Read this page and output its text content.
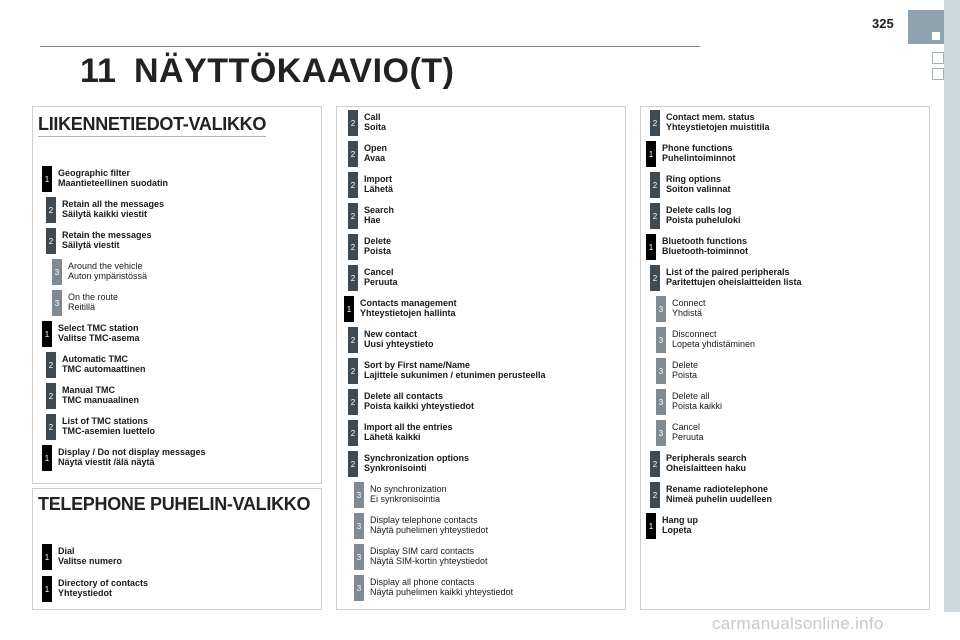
325
11 NÄYTTÖKAAVIO(T)
LIIKENNETIEDOT-VALIKKO
TELEPHONE PUHELIN-VALIKKO
1
Geographic filter
Maantieteellinen suodatin
2
Retain all the messages
Säilytä kaikki viestit
2
Retain the messages
Säilytä viestit
3
Around the vehicle
Auton ympäristössä
3
On the route
Reitillä
1
Select TMC station
Valitse TMC-asema
2
Automatic TMC
TMC automaattinen
2
Manual TMC
TMC manuaalinen
2
List of TMC stations
TMC-asemien luettelo
1
Display / Do not display messages
Näytä viestit /älä näytä
1
Dial
Valitse numero
1
Directory of contacts
Yhteystiedot
2
Call
Soita
2
Open
Avaa
2
Import
Lähetä
2
Search
Hae
2
Delete
Poista
2
Cancel
Peruuta
1
Contacts management
Yhteystietojen hallinta
2
New contact
Uusi yhteystieto
2
Sort by First name/Name
Lajittele sukunimen / etunimen perusteella
2
Delete all contacts
Poista kaikki yhteystiedot
2
Import all the entries
Lähetä kaikki
2
Synchronization options
Synkronisointi
3
No synchronization
Ei synkronisointia
3
Display telephone contacts
Näytä puhelimen yhteystiedot
3
Display SIM card contacts
Näytä SIM-kortin yhteystiedot
3
Display all phone contacts
Näytä puhelimen kaikki yhteystiedot
2
Contact mem. status
Yhteystietojen muistitila
1
Phone functions
Puhelintoiminnot
2
Ring options
Soiton valinnat
2
Delete calls log
Poista puheluloki
1
Bluetooth functions
Bluetooth-toiminnot
2
List of the paired peripherals
Paritettujen oheislaitteiden lista
3
Connect
Yhdistä
3
Disconnect
Lopeta yhdistäminen
3
Delete
Poista
3
Delete all
Poista kaikki
3
Cancel
Peruuta
2
Peripherals search
Oheislaitteen haku
2
Rename radiotelephone
Nimeä puhelin uudelleen
1
Hang up
Lopeta
carmanualsonline.info
